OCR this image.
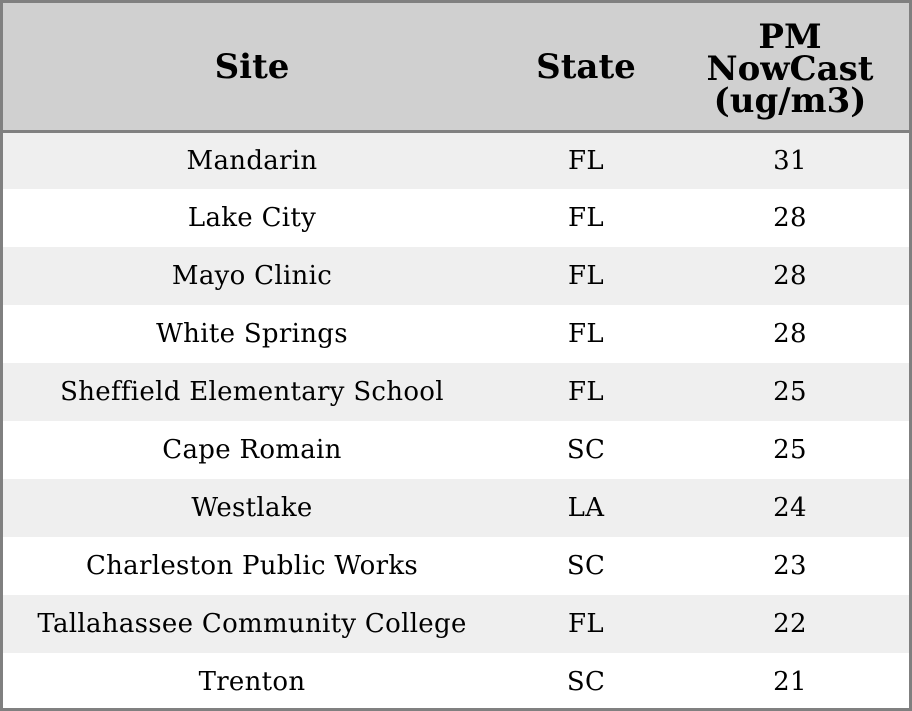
Site	State	PM
NowCast
(ug/m3)
Mandarin	FL	31
Lake City	FL	28
Mayo Clinic	FL	28
White Springs	FL	28
Sheffield Elementary School	FL	25
Cape Romain	SC	25
Westlake	LA	24
Charleston Public Works	SC	23
Tallahassee Community College	FL	22
Trenton	SC	21
